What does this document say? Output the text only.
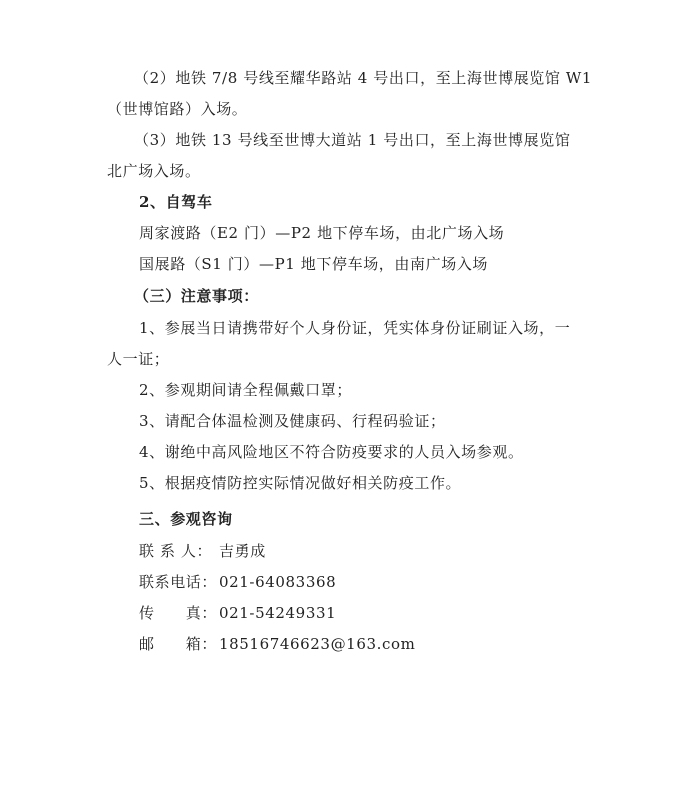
（2）地铁 7/8 号线至耀华路站 4 号出口，至上海世博展览馆 W1
（世博馆路）入场。
（3）地铁 13 号线至世博大道站 1 号出口，至上海世博展览馆
北广场入场。
2、自驾车
周家渡路（E2 门）—P2 地下停车场，由北广场入场
国展路（S1 门）—P1 地下停车场，由南广场入场
（三）注意事项：
1、参展当日请携带好个人身份证，凭实体身份证刷证入场，一
人一证；
2、参观期间请全程佩戴口罩；
3、请配合体温检测及健康码、行程码验证；
4、谢绝中高风险地区不符合防疫要求的人员入场参观。
5、根据疫情防控实际情况做好相关防疫工作。
三、参观咨询
联 系 人： 吉勇成
联系电话： 021-64083368
传　　真： 021-54249331
邮　　箱： 18516746623@163.com
